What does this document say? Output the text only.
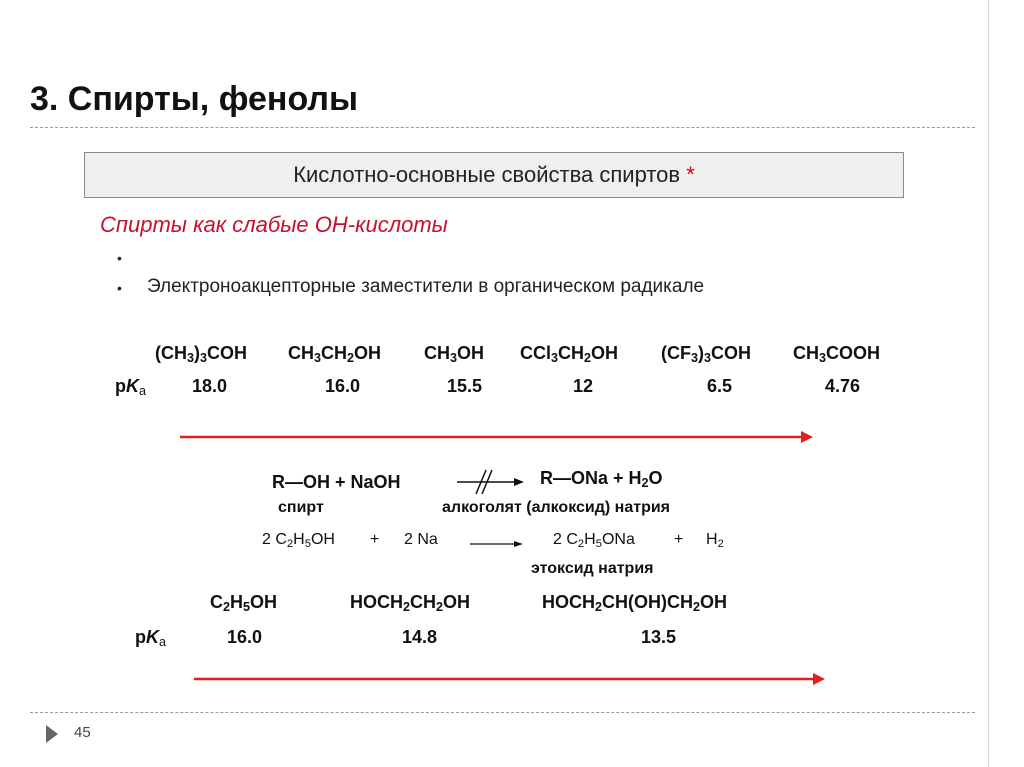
3. Спирты, фенолы
Кислотно-основные свойства спиртов *
Спирты как слабые ОН-кислоты
•
• Электроноакцепторные заместители в органическом радикале
$(CH_3)_3COH$ $CH_3CH_2OH$ $CH_3OH$ $CCl_3CH_2OH$ $(CF_3)_3COH$ $CH_3COOH$
$pK_a$	18.0	16.0	15.5	12	6.5	4.76
R—OH + NaOH	R—ONa + $H_2O$
спирт	алкоголят (алкоксид) натрия
2 $C_2H_5OH + 2$ Na	2 $C_2H_5ONa + H_2$
этоксид натрия
$C_2H_5OH$	$HOCH_2CH_2OH$	$HOCH_2CH(OH)CH_2OH$
$pK_a$	16.0	14.8	13.5
45
